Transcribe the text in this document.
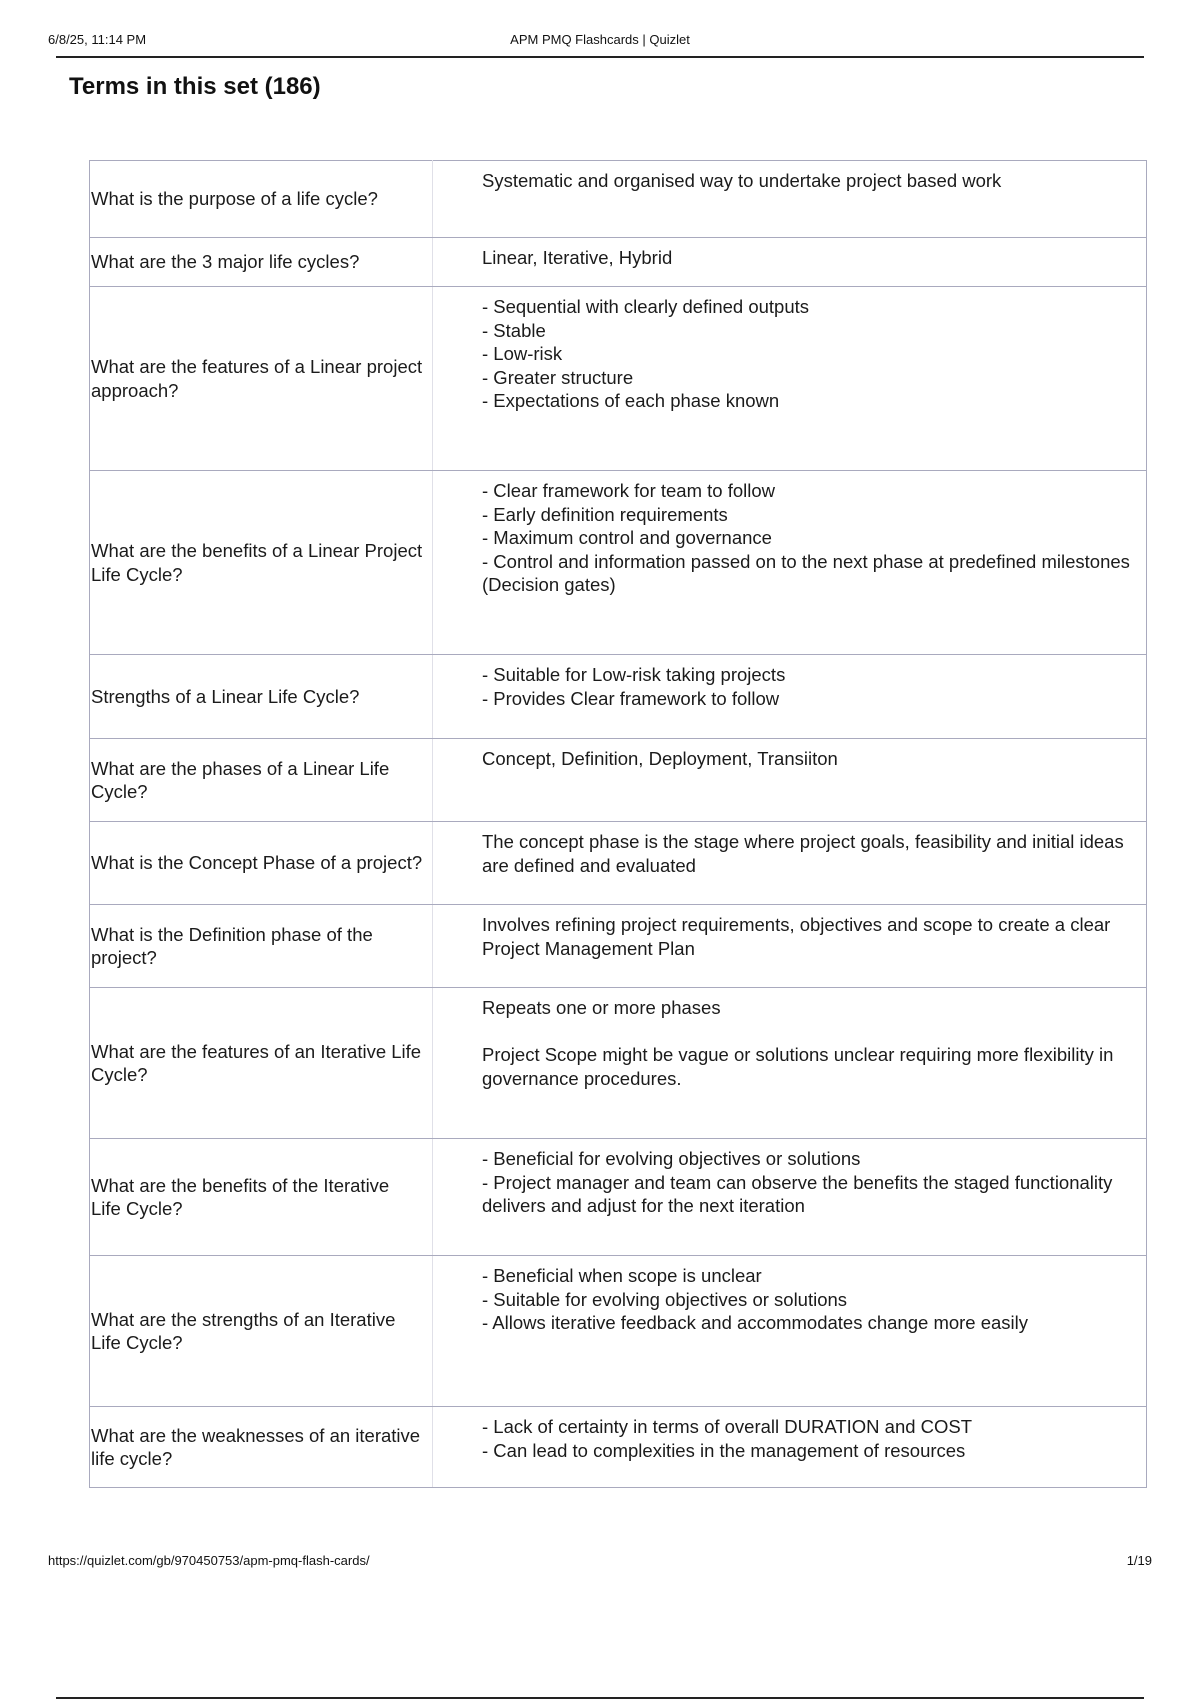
6/8/25, 11:14 PM	APM PMQ Flashcards | Quizlet
Terms in this set (186)
What is the purpose of a life cycle?	Systematic and organised way to undertake project based work

What are the 3 major life cycles?	Linear, Iterative, Hybrid

What are the features of a Linear project approach?	- Sequential with clearly defined outputs
- Stable
- Low-risk
- Greater structure
- Expectations of each phase known

What are the benefits of a Linear Project Life Cycle?	- Clear framework for team to follow
- Early definition requirements
- Maximum control and governance
- Control and information passed on to the next phase at predefined milestones (Decision gates)

Strengths of a Linear Life Cycle?	- Suitable for Low-risk taking projects
- Provides Clear framework to follow

What are the phases of a Linear Life Cycle?	Concept, Definition, Deployment, Transiiton

What is the Concept Phase of a project?	The concept phase is the stage where project goals, feasibility and initial ideas are defined and evaluated

What is the Definition phase of the project?	Involves refining project requirements, objectives and scope to create a clear Project Management Plan

What are the features of an Iterative Life Cycle?	Repeats one or more phases

Project Scope might be vague or solutions unclear requiring more flexibility in governance procedures.

What are the benefits of the Iterative Life Cycle?	- Beneficial for evolving objectives or solutions
- Project manager and team can observe the benefits the staged functionality delivers and adjust for the next iteration

What are the strengths of an Iterative Life Cycle?	- Beneficial when scope is unclear
- Suitable for evolving objectives or solutions
- Allows iterative feedback and accommodates change more easily

What are the weaknesses of an iterative life cycle?	- Lack of certainty in terms of overall DURATION and COST
- Can lead to complexities in the management of resources
https://quizlet.com/gb/970450753/apm-pmq-flash-cards/	1/19
